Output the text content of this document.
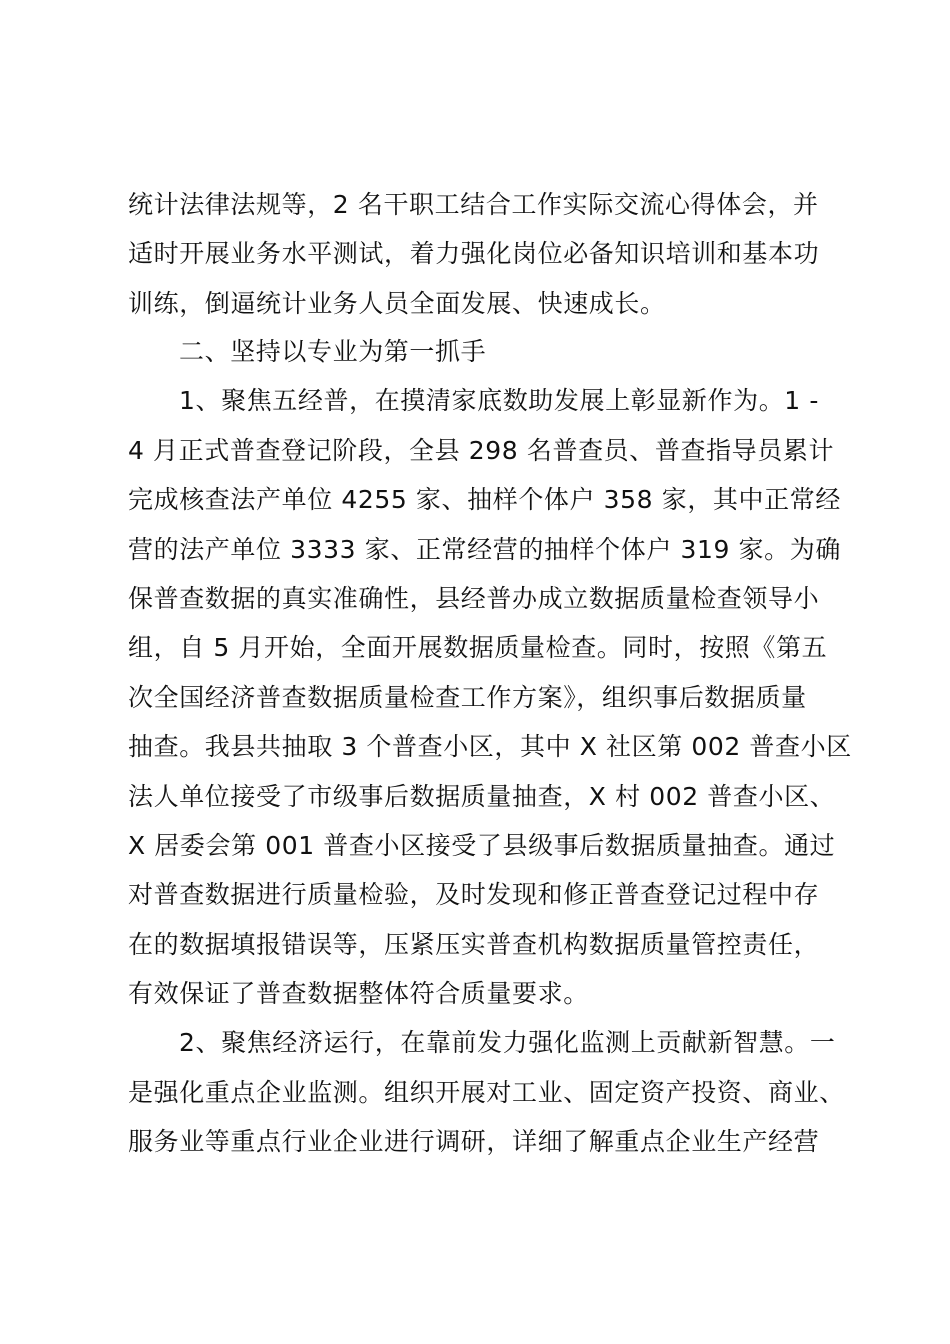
统计法律法规等，2 名干职工结合工作实际交流心得体会，并
适时开展业务水平测试，着力强化岗位必备知识培训和基本功
训练，倒逼统计业务人员全面发展、快速成长。
二、坚持以专业为第一抓手
1、聚焦五经普，在摸清家底数助发展上彰显新作为。1 -
4 月正式普查登记阶段，全县 298 名普查员、普查指导员累计
完成核查法产单位 4255 家、抽样个体户 358 家，其中正常经
营的法产单位 3333 家、正常经营的抽样个体户 319 家。为确
保普查数据的真实准确性，县经普办成立数据质量检查领导小
组，自 5 月开始，全面开展数据质量检查。同时，按照《第五
次全国经济普查数据质量检查工作方案》，组织事后数据质量
抽查。我县共抽取 3 个普查小区，其中 X 社区第 002 普查小区
法人单位接受了市级事后数据质量抽查，X 村 002 普查小区、
X 居委会第 001 普查小区接受了县级事后数据质量抽查。通过
对普查数据进行质量检验，及时发现和修正普查登记过程中存
在的数据填报错误等，压紧压实普查机构数据质量管控责任，
有效保证了普查数据整体符合质量要求。
2、聚焦经济运行，在靠前发力强化监测上贡献新智慧。一
是强化重点企业监测。组织开展对工业、固定资产投资、商业、
服务业等重点行业企业进行调研，详细了解重点企业生产经营
